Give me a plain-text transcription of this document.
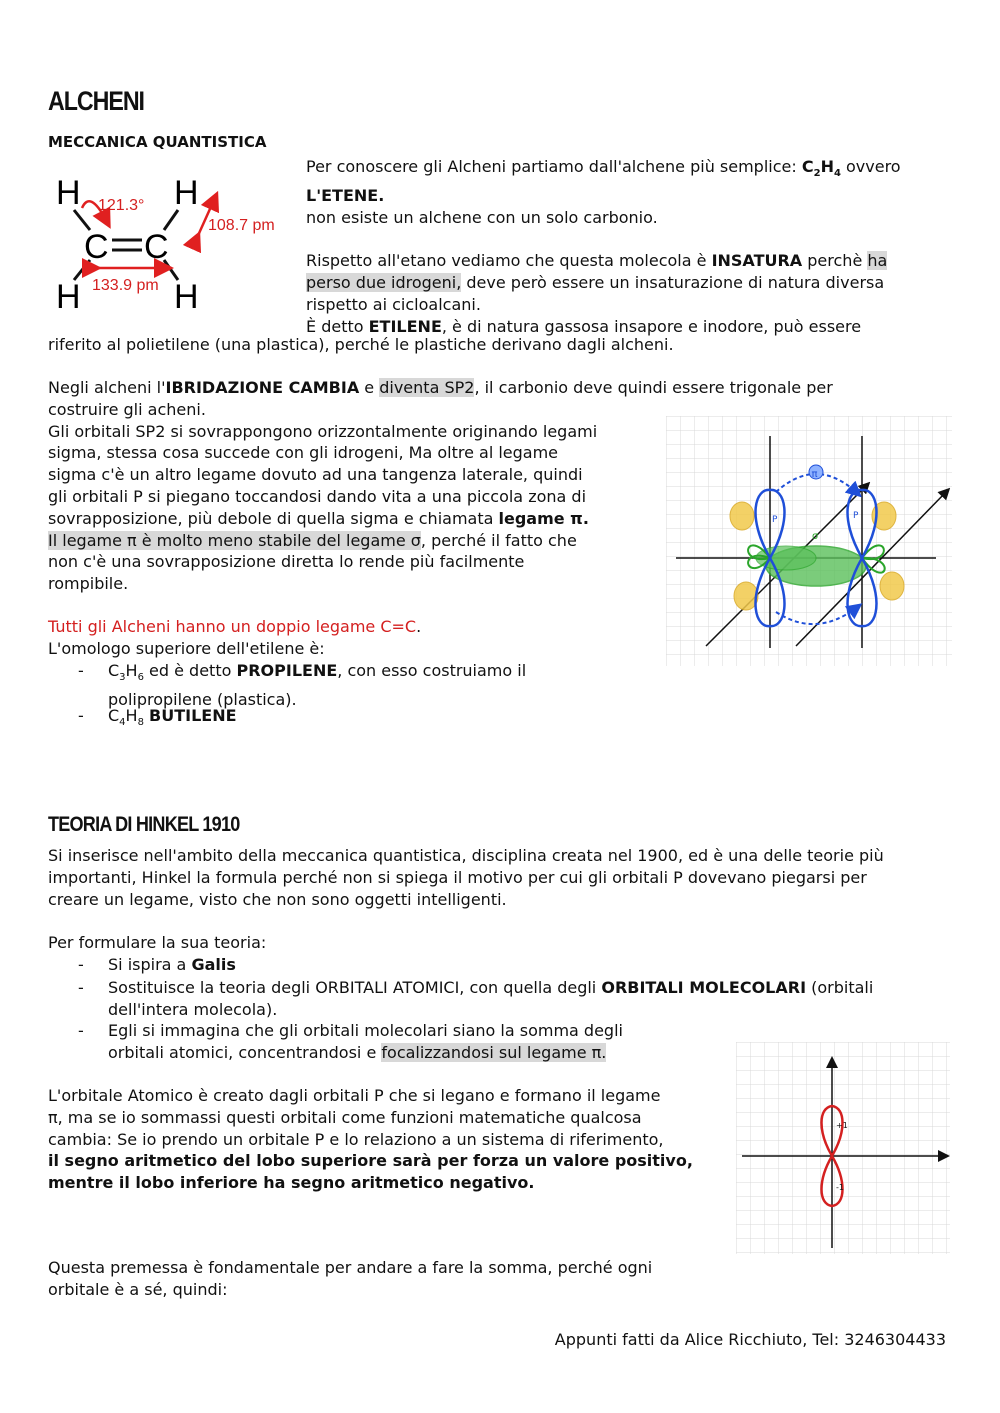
ALCHENI
MECCANICA QUANTISTICA
H	H
C C
H	H
121.3°
108.7 pm
133.9 pm
Per conoscere gli Alcheni partiamo dall'alchene più semplice: $C_2H_4$ ovvero
L'ETENE.
non esiste un alchene con un solo carbonio.
Rispetto all'etano vediamo che questa molecola è INSATURA perchè ha
perso due idrogeni, deve però essere un insaturazione di natura diversa
rispetto ai cicloalcani.
È detto ETILENE, è di natura gassosa insapore e inodore, può essere
riferito al polietilene (una plastica), perché le plastiche derivano dagli alcheni.
Negli alcheni l'IBRIDAZIONE CAMBIA e diventa SP2, il carbonio deve quindi essere trigonale per
costruire gli acheni.
Gli orbitali SP2 si sovrappongono orizzontalmente originando legami
sigma, stessa cosa succede con gli idrogeni, Ma oltre al legame
sigma c'è un altro legame dovuto ad una tangenza laterale, quindi
gli orbitali P si piegano toccandosi dando vita a una piccola zona di
sovrapposizione, più debole di quella sigma e chiamata legame π.
Il legame π è molto meno stabile del legame σ, perché il fatto che
non c'è una sovrapposizione diretta lo rende più facilmente
rompibile.
π
P	P
σ
Tutti gli Alcheni hanno un doppio legame C=C.
L'omologo superiore dell'etilene è:
- $C_3H_6$ ed è detto PROPILENE, con esso costruiamo il
polipropilene (plastica).
- $C_4H_8$ BUTILENE
TEORIA DI HINKEL 1910
Si inserisce nell'ambito della meccanica quantistica, disciplina creata nel 1900, ed è una delle teorie più
importanti, Hinkel la formula perché non si spiega il motivo per cui gli orbitali P dovevano piegarsi per
creare un legame, visto che non sono oggetti intelligenti.
Per formulare la sua teoria:
- Si ispira a Galis
- Sostituisce la teoria degli ORBITALI ATOMICI, con quella degli ORBITALI MOLECOLARI (orbitali
dell'intera molecola).
- Egli si immagina che gli orbitali molecolari siano la somma degli
orbitali atomici, concentrandosi e focalizzandosi sul legame π.
L'orbitale Atomico è creato dagli orbitali P che si legano e formano il legame
π, ma se io sommassi questi orbitali come funzioni matematiche qualcosa
cambia: Se io prendo un orbitale P e lo relaziono a un sistema di riferimento,
il segno aritmetico del lobo superiore sarà per forza un valore positivo,
mentre il lobo inferiore ha segno aritmetico negativo.
+1
-1
Questa premessa è fondamentale per andare a fare la somma, perché ogni
orbitale è a sé, quindi:
Appunti fatti da Alice Ricchiuto, Tel: 3246304433
